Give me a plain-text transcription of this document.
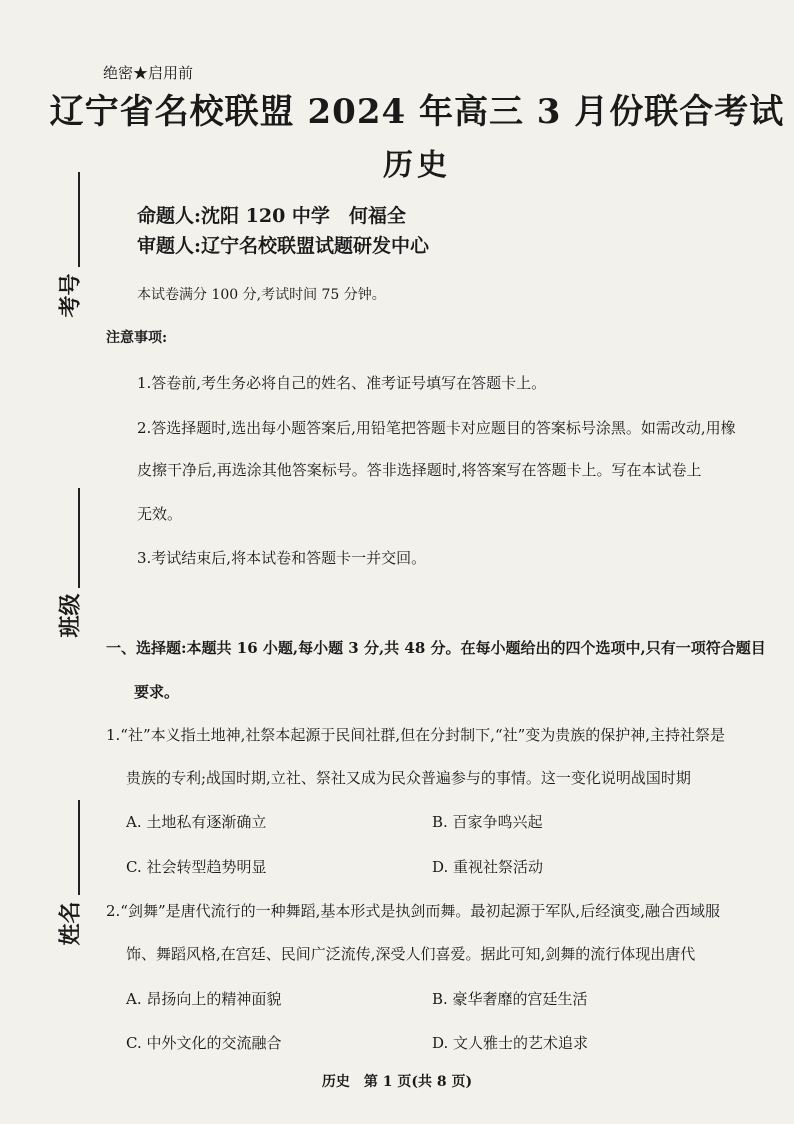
考号
班级
姓名
绝密★启用前
辽宁省名校联盟 2024 年高三 3 月份联合考试
历史
命题人:沈阳 120 中学　何福全
审题人:辽宁名校联盟试题研发中心
本试卷满分 100 分,考试时间 75 分钟。
注意事项:
1.答卷前,考生务必将自己的姓名、准考证号填写在答题卡上。
2.答选择题时,选出每小题答案后,用铅笔把答题卡对应题目的答案标号涂黑。如需改动,用橡
皮擦干净后,再选涂其他答案标号。答非选择题时,将答案写在答题卡上。写在本试卷上
无效。
3.考试结束后,将本试卷和答题卡一并交回。
一、选择题:本题共 16 小题,每小题 3 分,共 48 分。在每小题给出的四个选项中,只有一项符合题目
要求。
1.“社”本义指土地神,社祭本起源于民间社群,但在分封制下,“社”变为贵族的保护神,主持社祭是
贵族的专利;战国时期,立社、祭社又成为民众普遍参与的事情。这一变化说明战国时期
A. 土地私有逐渐确立	B. 百家争鸣兴起
C. 社会转型趋势明显	D. 重视社祭活动
2.“剑舞”是唐代流行的一种舞蹈,基本形式是执剑而舞。最初起源于军队,后经演变,融合西域服
饰、舞蹈风格,在宫廷、民间广泛流传,深受人们喜爱。据此可知,剑舞的流行体现出唐代
A. 昂扬向上的精神面貌	B. 豪华奢靡的宫廷生活
C. 中外文化的交流融合	D. 文人雅士的艺术追求
历史　第 1 页(共 8 页)
